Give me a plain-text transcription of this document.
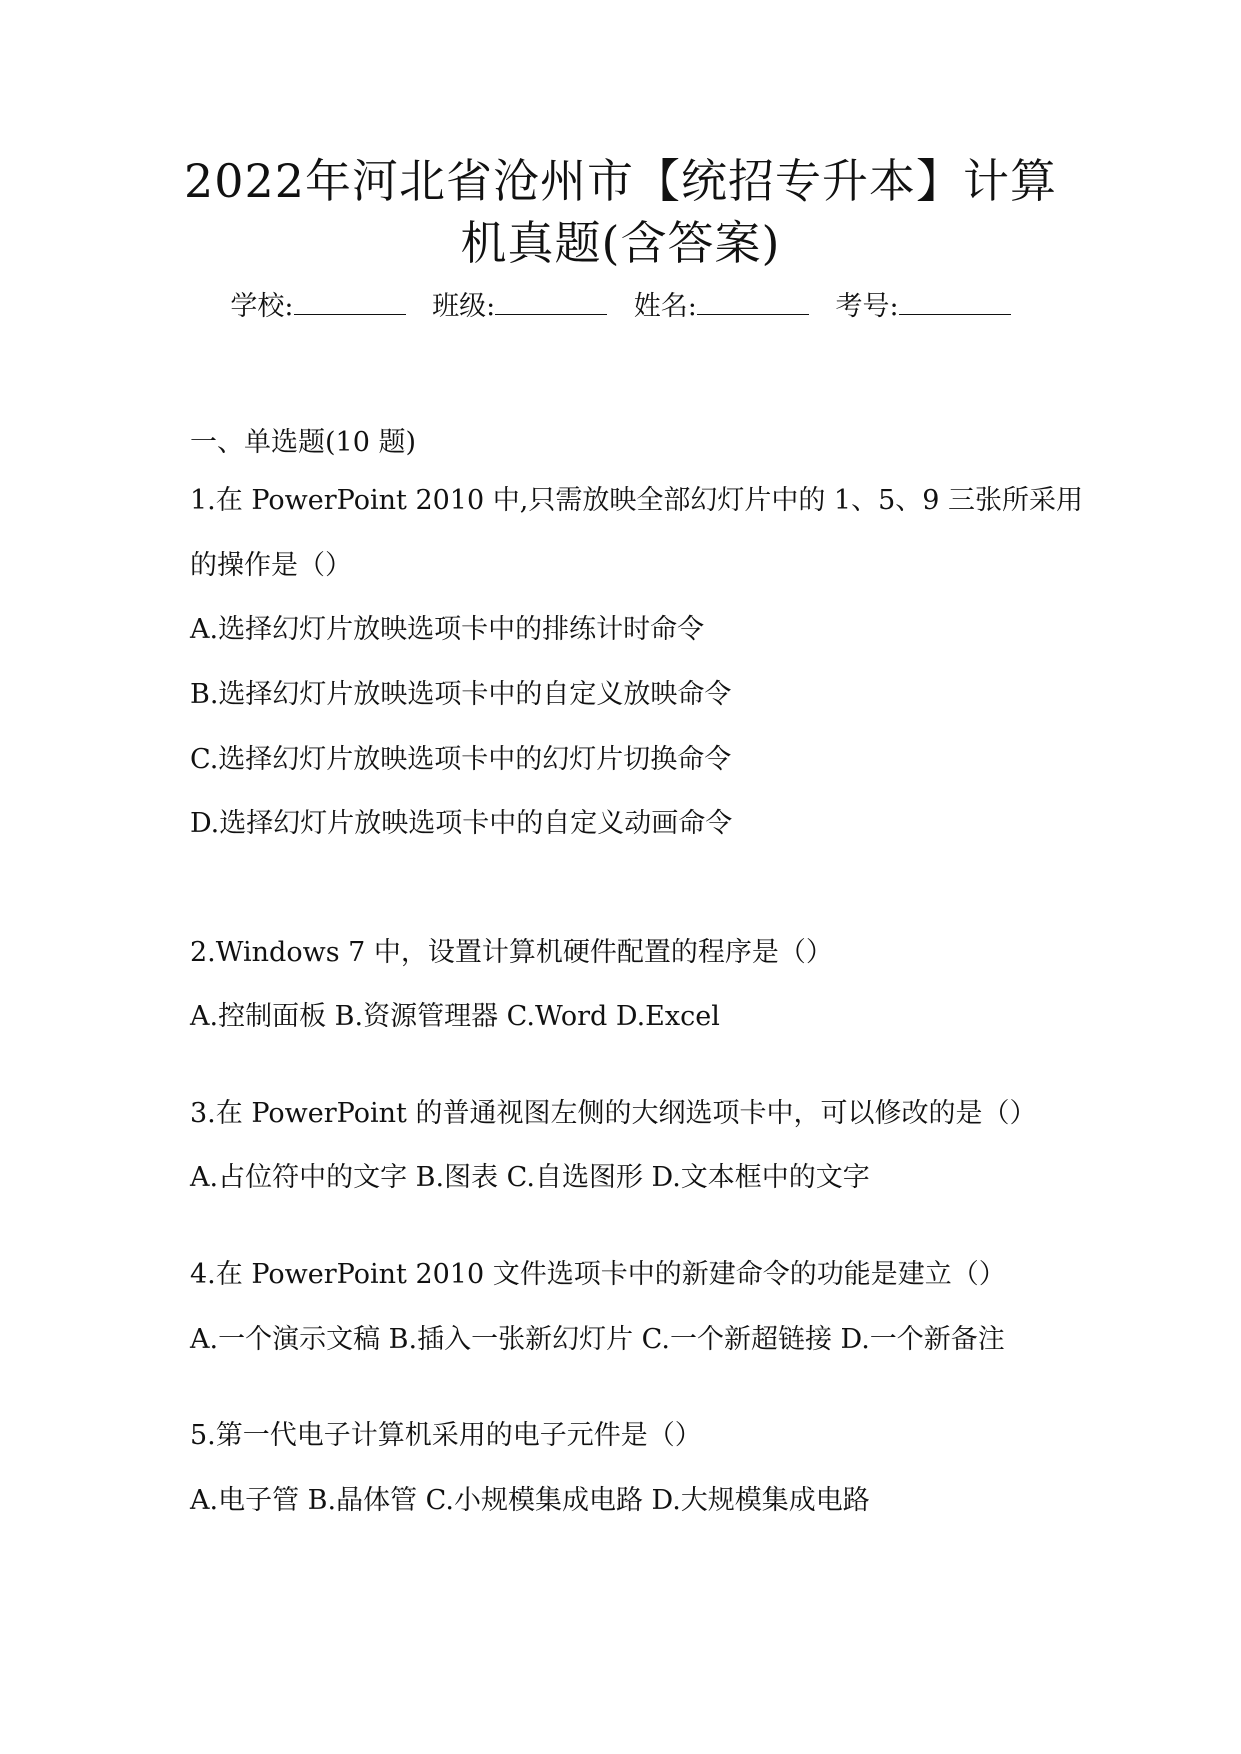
2022年河北省沧州市【统招专升本】计算
机真题(含答案)
学校:	班级:	姓名:	考号:
一、单选题(10 题)
1.在 PowerPoint 2010 中,只需放映全部幻灯片中的 1、5、9 三张所采用
的操作是（）
A.选择幻灯片放映选项卡中的排练计时命令
B.选择幻灯片放映选项卡中的自定义放映命令
C.选择幻灯片放映选项卡中的幻灯片切换命令
D.选择幻灯片放映选项卡中的自定义动画命令
2.Windows 7 中，设置计算机硬件配置的程序是（）
A.控制面板 B.资源管理器 C.Word D.Excel
3.在 PowerPoint 的普通视图左侧的大纲选项卡中，可以修改的是（）
A.占位符中的文字 B.图表 C.自选图形 D.文本框中的文字
4.在 PowerPoint 2010 文件选项卡中的新建命令的功能是建立（）
A.一个演示文稿 B.插入一张新幻灯片 C.一个新超链接 D.一个新备注
5.第一代电子计算机采用的电子元件是（）
A.电子管 B.晶体管 C.小规模集成电路 D.大规模集成电路
